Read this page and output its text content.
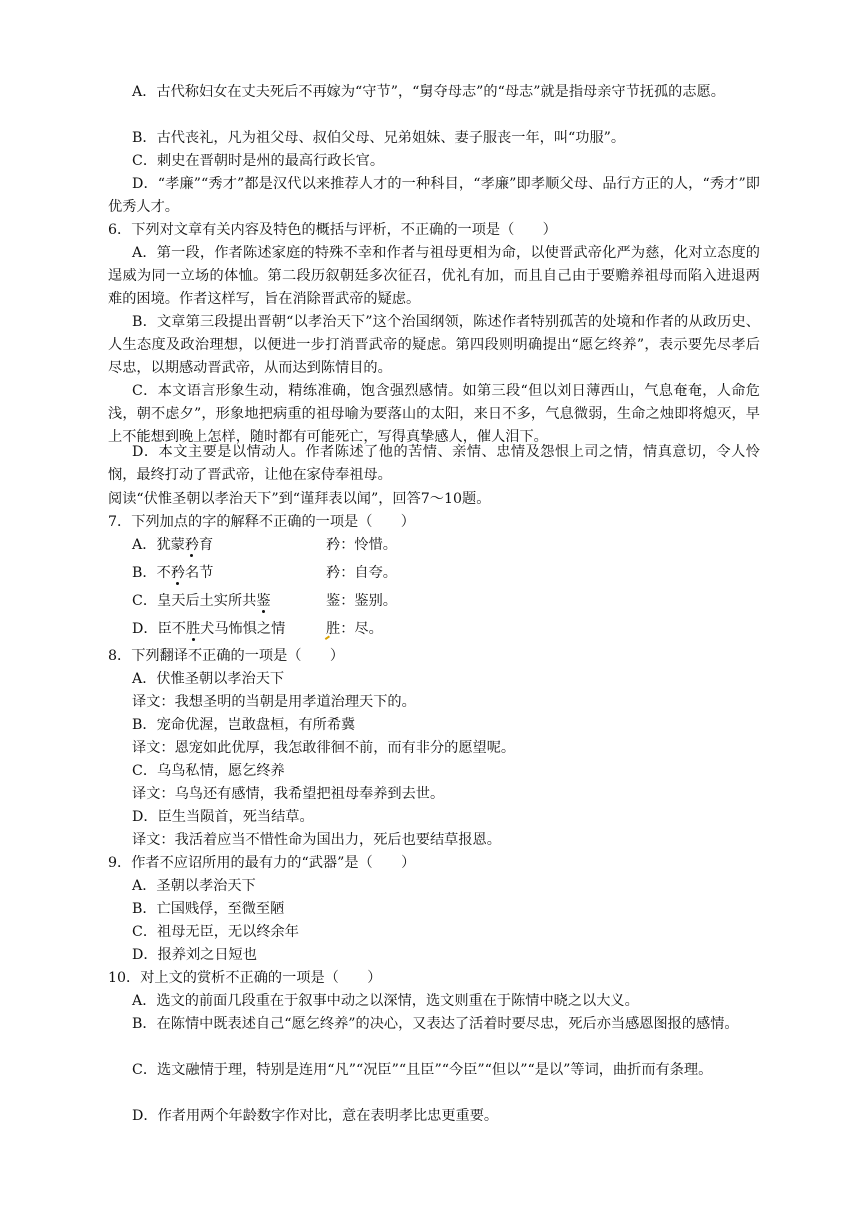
A．古代称妇女在丈夫死后不再嫁为“守节”，“舅夺母志”的“母志”就是指母亲守节抚孤的志愿。
B．古代丧礼，凡为祖父母、叔伯父母、兄弟姐妹、妻子服丧一年，叫“功服”。
C．刺史在晋朝时是州的最高行政长官。
D．“孝廉”“秀才”都是汉代以来推荐人才的一种科目，“孝廉”即孝顺父母、品行方正的人，“秀才”即优秀人才。
6．下列对文章有关内容及特色的概括与评析，不正确的一项是（　　）
A．第一段，作者陈述家庭的特殊不幸和作者与祖母更相为命，以使晋武帝化严为慈，化对立态度的逞威为同一立场的体恤。第二段历叙朝廷多次征召，优礼有加，而且自己由于要赡养祖母而陷入进退两难的困境。作者这样写，旨在消除晋武帝的疑虑。
B．文章第三段提出晋朝“以孝治天下”这个治国纲领，陈述作者特别孤苦的处境和作者的从政历史、人生态度及政治理想，以便进一步打消晋武帝的疑虑。第四段则明确提出“愿乞终养”，表示要先尽孝后尽忠，以期感动晋武帝，从而达到陈情目的。
C．本文语言形象生动，精练准确，饱含强烈感情。如第三段“但以刘日薄西山，气息奄奄，人命危浅，朝不虑夕”，形象地把病重的祖母喻为要落山的太阳，来日不多，气息微弱，生命之烛即将熄灭，早上不能想到晚上怎样，随时都有可能死亡，写得真挚感人，催人泪下。
D．本文主要是以情动人。作者陈述了他的苦情、亲情、忠情及怨恨上司之情，情真意切，令人怜悯，最终打动了晋武帝，让他在家侍奉祖母。
阅读“伏惟圣朝以孝治天下”到“谨拜表以闻”，回答7～10题。
7．下列加点的字的解释不正确的一项是（　　）
A．犹蒙矜育	矜：怜惜。
B．不矜名节	矜：自夸。
C．皇天后土实所共鉴	鉴：鉴别。
D．臣不胜犬马怖惧之情	胜：尽。
8．下列翻译不正确的一项是（　　）
A．伏惟圣朝以孝治天下
译文：我想圣明的当朝是用孝道治理天下的。
B．宠命优渥，岂敢盘桓，有所希冀
译文：恩宠如此优厚，我怎敢徘徊不前，而有非分的愿望呢。
C．乌鸟私情，愿乞终养
译文：乌鸟还有感情，我希望把祖母奉养到去世。
D．臣生当陨首，死当结草。
译文：我活着应当不惜性命为国出力，死后也要结草报恩。
9．作者不应诏所用的最有力的“武器”是（　　）
A．圣朝以孝治天下
B．亡国贱俘，至微至陋
C．祖母无臣，无以终余年
D．报养刘之日短也
10．对上文的赏析不正确的一项是（　　）
A．选文的前面几段重在于叙事中动之以深情，选文则重在于陈情中晓之以大义。
B．在陈情中既表述自己“愿乞终养”的决心，又表达了活着时要尽忠，死后亦当感恩图报的感情。
C．选文融情于理，特别是连用“凡”“况臣”“且臣”“今臣”“但以”“是以”等词，曲折而有条理。
D．作者用两个年龄数字作对比，意在表明孝比忠更重要。
